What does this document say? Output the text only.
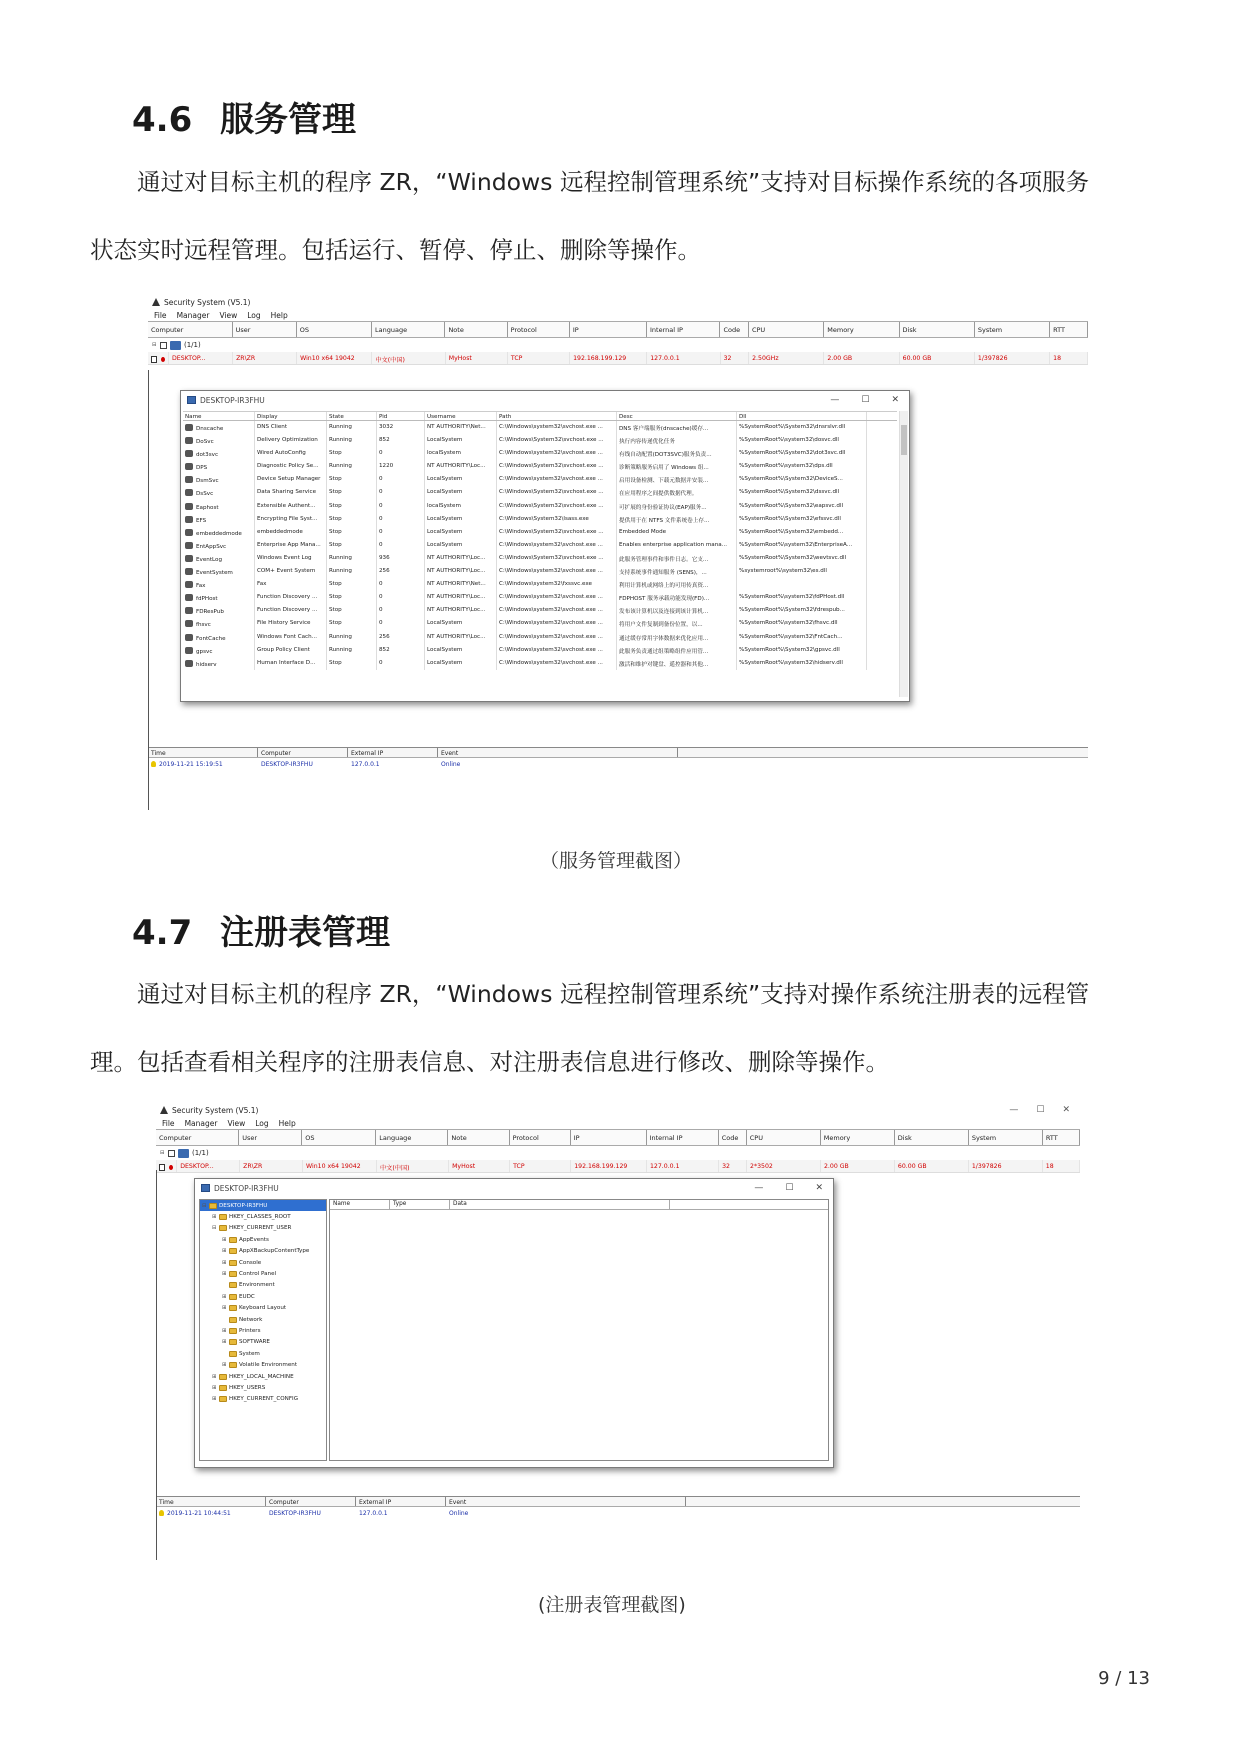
4.6 服务管理
通过对目标主机的程序 ZR，“Windows 远程控制管理系统”支持对目标操作系统的各项服务
状态实时远程管理。包括运行、暂停、停止、删除等操作。
Security System (V5.1)
File Manager View Log Help
Computer	User	OS	Language	Note	Protocol	IP	Internal IP	Code	CPU	Memory	Disk	System	RTT
⊟	(1/1)
DESKTOP...	ZR\ZR	Win10 x64 19042	中文(中国)	MyHost	TCP	192.168.199.129	127.0.0.1	32	2.50GHz	2.00 GB	60.00 GB	1/397826	18
DESKTOP-IR3FHU	— ☐ ✕
Name	Display	State	Pid	Username	Path	Desc	Dll
Dnscache	DNS Client	Running	3032	NT AUTHORITY\Net...	C:\Windows\system32\svchost.exe ...	DNS 客户端服务(dnscache)缓存...	%SystemRoot%\System32\dnsrslvr.dll
DoSvc	Delivery Optimization	Running	852	LocalSystem	C:\Windows\System32\svchost.exe ...	执行内容传递优化任务	%SystemRoot%\system32\dosvc.dll
dot3svc	Wired AutoConfig	Stop	0	localSystem	C:\Windows\system32\svchost.exe ...	有线自动配置(DOT3SVC)服务负责...	%SystemRoot%\System32\dot3svc.dll
DPS	Diagnostic Policy Se...	Running	1220	NT AUTHORITY\Loc...	C:\Windows\System32\svchost.exe ...	诊断策略服务启用了 Windows 组...	%SystemRoot%\system32\dps.dll
DsmSvc	Device Setup Manager	Stop	0	LocalSystem	C:\Windows\system32\svchost.exe ...	启用设备检测、下载元数据并安装...	%SystemRoot%\System32\DeviceS...
DsSvc	Data Sharing Service	Stop	0	LocalSystem	C:\Windows\System32\svchost.exe ...	在应用程序之间提供数据代理。	%SystemRoot%\System32\dssvc.dll
Eaphost	Extensible Authent...	Stop	0	localSystem	C:\Windows\System32\svchost.exe ...	可扩展的身份验证协议(EAP)服务...	%SystemRoot%\System32\eapsvc.dll
EFS	Encrypting File Syst...	Stop	0	LocalSystem	C:\Windows\System32\lsass.exe	提供用于在 NTFS 文件系统卷上存...	%SystemRoot%\System32\efssvc.dll
embeddedmode	embeddedmode	Stop	0	LocalSystem	C:\Windows\System32\svchost.exe ...	Embedded Mode	%SystemRoot%\System32\embedd...
EntAppSvc	Enterprise App Mana...	Stop	0	LocalSystem	C:\Windows\system32\svchost.exe ...	Enables enterprise application mana...	%SystemRoot%\system32\EnterpriseA...
EventLog	Windows Event Log	Running	936	NT AUTHORITY\Loc...	C:\Windows\System32\svchost.exe ...	此服务管理事件和事件日志。它支...	%SystemRoot%\System32\wevtsvc.dll
EventSystem	COM+ Event System	Running	256	NT AUTHORITY\Loc...	C:\Windows\system32\svchost.exe ...	支持系统事件通知服务 (SENS)，...	%systemroot%\system32\es.dll
Fax	Fax	Stop	0	NT AUTHORITY\Net...	C:\Windows\system32\fxssvc.exe	利用计算机或网络上的可用传真资...
fdPHost	Function Discovery ...	Stop	0	NT AUTHORITY\Loc...	C:\Windows\system32\svchost.exe ...	FDPHOST 服务承载功能发现(FD)...	%SystemRoot%\system32\fdPHost.dll
FDResPub	Function Discovery ...	Stop	0	NT AUTHORITY\Loc...	C:\Windows\system32\svchost.exe ...	发布该计算机以及连接到该计算机...	%SystemRoot%\System32\fdrespub...
fhsvc	File History Service	Stop	0	LocalSystem	C:\Windows\system32\svchost.exe ...	将用户文件复制到备份位置，以...	%SystemRoot%\system32\fhsvc.dll
FontCache	Windows Font Cach...	Running	256	NT AUTHORITY\Loc...	C:\Windows\system32\svchost.exe ...	通过缓存常用字体数据来优化应用...	%SystemRoot%\system32\FntCach...
gpsvc	Group Policy Client	Running	852	LocalSystem	C:\Windows\system32\svchost.exe ...	此服务负责通过组策略组件应用管...	%SystemRoot%\System32\gpsvc.dll
hidserv	Human Interface D...	Stop	0	LocalSystem	C:\Windows\system32\svchost.exe ...	激活和维护对键盘、遥控器和其他...	%SystemRoot%\system32\hidserv.dll
Time	Computer	External IP	Event
2019-11-21 15:19:51	DESKTOP-IR3FHU	127.0.0.1	Online
（服务管理截图）
4.7 注册表管理
通过对目标主机的程序 ZR，“Windows 远程控制管理系统”支持对操作系统注册表的远程管
理。包括查看相关程序的注册表信息、对注册表信息进行修改、删除等操作。
Security System (V5.1)	— ☐ ✕
File Manager View Log Help
Computer	User	OS	Language	Note	Protocol	IP	Internal IP	Code	CPU	Memory	Disk	System	RTT
⊟	(1/1)
DESKTOP...	ZR\ZR	Win10 x64 19042	中文(中国)	MyHost	TCP	192.168.199.129	127.0.0.1	32	2*3502	2.00 GB	60.00 GB	1/397826	18
DESKTOP-IR3FHU	— ☐ ✕
⊟ DESKTOP-IR3FHU
⊞ HKEY_CLASSES_ROOT
⊟ HKEY_CURRENT_USER
⊞ AppEvents
⊞ AppXBackupContentType
⊞ Console
⊞ Control Panel
Environment
⊞ EUDC
⊞ Keyboard Layout
Network
⊞ Printers
⊞ SOFTWARE
System
⊞ Volatile Environment
⊞ HKEY_LOCAL_MACHINE
⊞ HKEY_USERS
⊞ HKEY_CURRENT_CONFIG
Name	Type	Data
Time	Computer	External IP	Event
2019-11-21 10:44:51	DESKTOP-IR3FHU	127.0.0.1	Online
(注册表管理截图)
9 / 13
